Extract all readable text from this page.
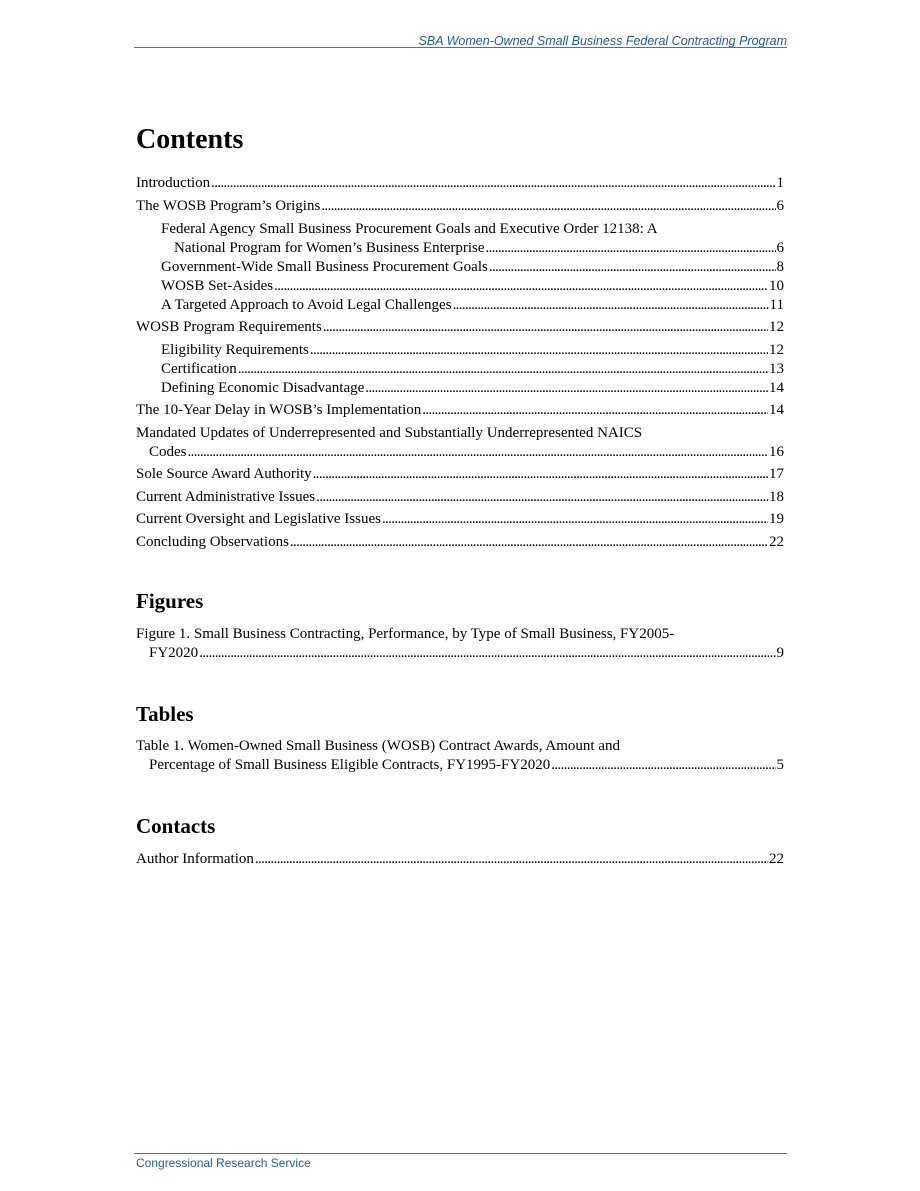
SBA Women-Owned Small Business Federal Contracting Program
Contents
Introduction . . .	1
The WOSB Program’s Origins . . .	6
Federal Agency Small Business Procurement Goals and Executive Order 12138: A
National Program for Women’s Business Enterprise . . .	6
Government-Wide Small Business Procurement Goals . . .	8
WOSB Set-Asides . . .	10
A Targeted Approach to Avoid Legal Challenges . . .	11
WOSB Program Requirements . . .	12
Eligibility Requirements . . .	12
Certification . . .	13
Defining Economic Disadvantage . . .	14
The 10-Year Delay in WOSB’s Implementation . . .	14
Mandated Updates of Underrepresented and Substantially Underrepresented NAICS
Codes . . .	16
Sole Source Award Authority . . .	17
Current Administrative Issues . . .	18
Current Oversight and Legislative Issues . . .	19
Concluding Observations . . .	22
Figures
Figure 1. Small Business Contracting, Performance, by Type of Small Business, FY2005-
FY2020 . . .	9
Tables
Table 1. Women-Owned Small Business (WOSB) Contract Awards, Amount and
Percentage of Small Business Eligible Contracts, FY1995-FY2020 . . .	5
Contacts
Author Information . . .	22
Congressional Research Service
